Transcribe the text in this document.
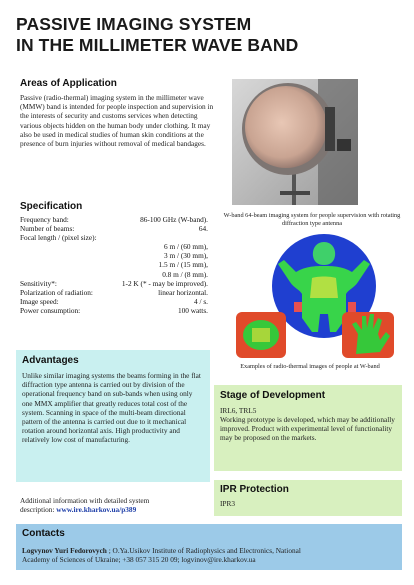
PASSIVE IMAGING SYSTEM
IN THE MILLIMETER WAVE BAND
Areas of Application
Passive (radio-thermal) imaging system in the millimeter wave (MMW) band is intended for people inspection and supervision in the interests of security and customs services when detecting various objects hidden on the human body under clothing. It may also be used in medical studies of human skin conditions at the presence of burn injuries without removal of medical bandages.
W-band 64-beam imaging system for people supervision with rotating diffraction type antenna
Specification
Frequency band:	86-100 GHz (W-band).
Number of beams:	64.
Focal length / (pixel size):
6 m / (60 mm),
3 m / (30 mm),
1.5 m / (15 mm),
0.8 m / (8 mm).
Sensitivity*:	1-2 K (* - may be improved).
Polarization of radiation:	linear horizontal.
Image speed:	4 / s.
Power consumption:	100 watts.
Examples of radio-thermal images of people at W-band
Advantages
Unlike similar imaging systems the beams forming in the flat diffraction type antenna is carried out by division of the operational frequency band on sub-bands when using only one MMX amplifier that greatly reduces total cost of the system. Scanning in space of the multi-beam directional pattern of the antenna is carried out due to it mechanical rotation around horizontal axis. High productivity and relatively low cost of manufacturing.
Stage of Development
IRL6, TRL5
Working prototype is developed, which may be additionally improved. Product with experimental level of functionality may be proposed on the markets.
Additional information with detailed system
description: www.ire.kharkov.ua/p389
IPR Protection
IPR3
Contacts
Logvynov Yuri Fedorovych ; O.Ya.Usikov Institute of Radiophysics and Electronics, National
Academy of Sciences of Ukraine; +38 057 315 20 09; logvinov@ire.kharkov.ua
